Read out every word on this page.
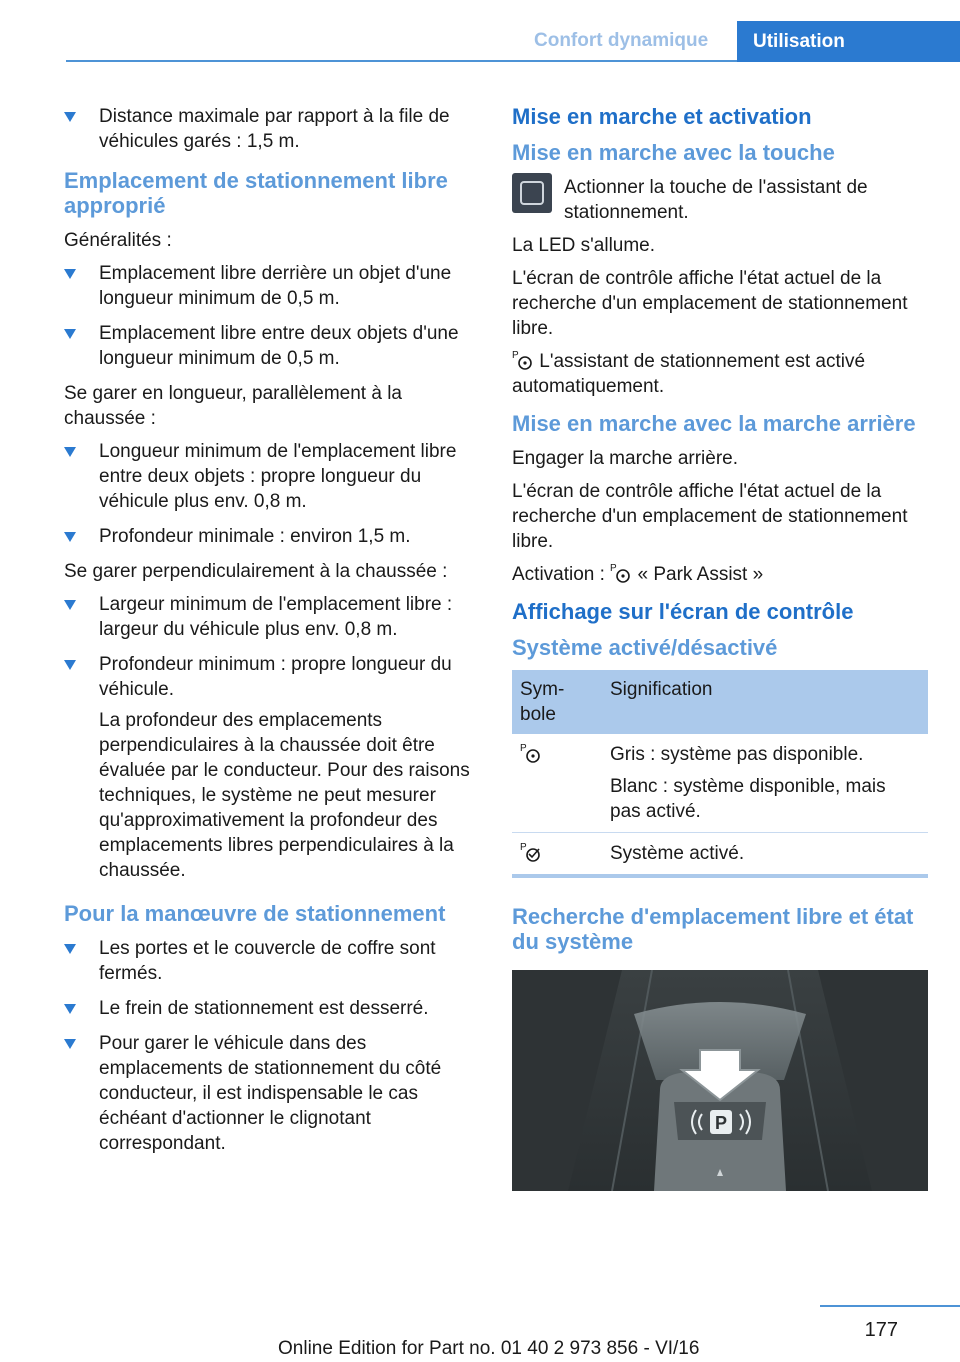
Confort dynamique Utilisation
Distance maximale par rapport à la file de véhicules garés : 1,5 m.
Emplacement de stationnement libre approprié

Généralités :

Emplacement libre derrière un objet d'une longueur minimum de 0,5 m.
Emplacement libre entre deux objets d'une longueur minimum de 0,5 m.

Se garer en longueur, parallèlement à la chaussée :

Longueur minimum de l'emplacement libre entre deux objets : propre longueur du véhicule plus env. 0,8 m.
Profondeur minimale : environ 1,5 m.

Se garer perpendiculairement à la chaussée :

Largeur minimum de l'emplacement libre : largeur du véhicule plus env. 0,8 m.
Profondeur minimum : propre longueur du véhicule.
La profondeur des emplacements perpendiculaires à la chaussée doit être évaluée par le conducteur. Pour des raisons techniques, le système ne peut mesurer qu'approximativement la profondeur des emplacements libres perpendiculaires à la chaussée.
Pour la manœuvre de stationnement
Les portes et le couvercle de coffre sont fermés.
Le frein de stationnement est desserré.
Pour garer le véhicule dans des emplacements de stationnement du côté conducteur, il est indispensable le cas échéant d'actionner le clignotant correspondant.
Mise en marche et activation
Mise en marche avec la touche

Actionner la touche de l'assistant de stationnement.

La LED s'allume.

L'écran de contrôle affiche l'état actuel de la recherche d'un emplacement de stationnement libre.

P L'assistant de stationnement est activé automatiquement.

Mise en marche avec la marche arrière

Engager la marche arrière.

L'écran de contrôle affiche l'état actuel de la recherche d'un emplacement de stationnement libre.

Activation : P « Park Assist »

Affichage sur l'écran de contrôle
Système activé/désactivé
Sym-bole	Signification

P	Gris : système pas disponible.

Blanc : système disponible, mais pas activé.

P	Système activé.
Recherche d'emplacement libre et état du système
P
177
Online Edition for Part no. 01 40 2 973 856 - VI/16
